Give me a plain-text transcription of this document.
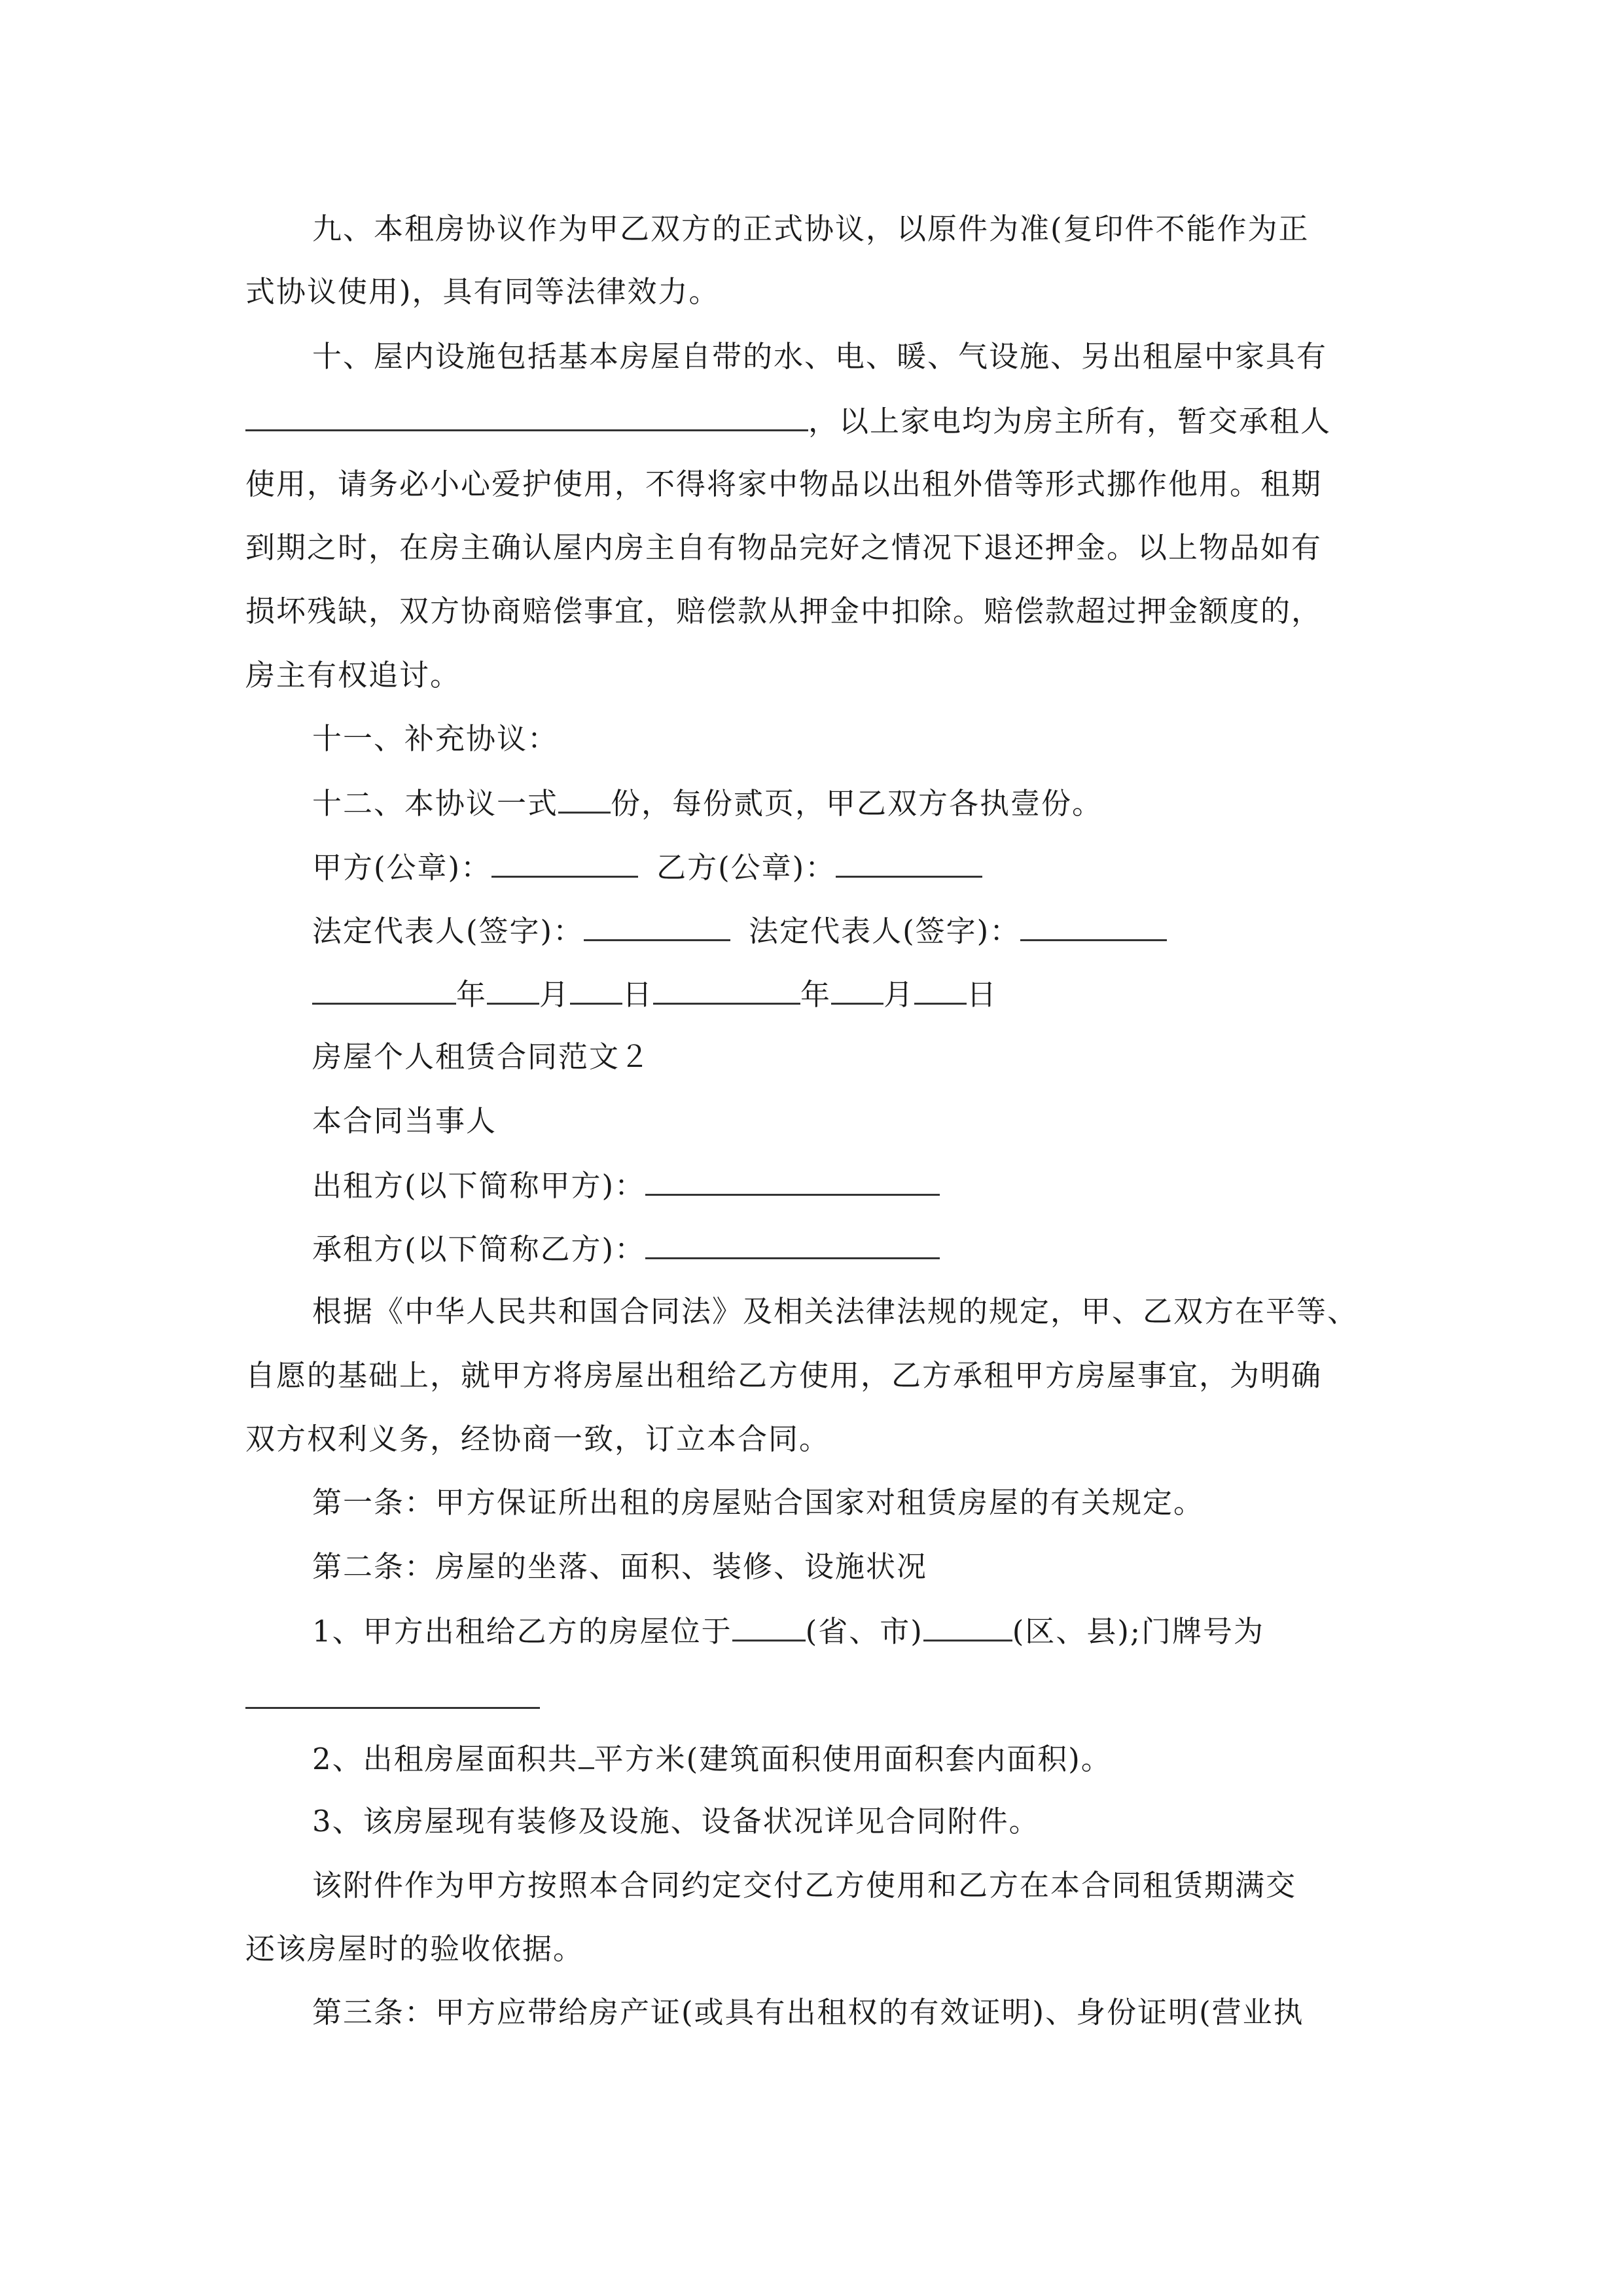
九、本租房协议作为甲乙双方的正式协议，以原件为准(复印件不能作为正
式协议使用)，具有同等法律效力。
十、屋内设施包括基本房屋自带的水、电、暖、气设施、另出租屋中家具有
，以上家电均为房主所有，暂交承租人
使用，请务必小心爱护使用，不得将家中物品以出租外借等形式挪作他用。租期
到期之时，在房主确认屋内房主自有物品完好之情况下退还押金。以上物品如有
损坏残缺，双方协商赔偿事宜，赔偿款从押金中扣除。赔偿款超过押金额度的，
房主有权追讨。
十一、补充协议：
十二、本协议一式 份，每份贰页，甲乙双方各执壹份。
甲方(公章)：	乙方(公章)：
法定代表人(签字)：	法定代表人(签字)：
年 月 日	年 月 日
房屋个人租赁合同范文２
本合同当事人
出租方(以下简称甲方)：
承租方(以下简称乙方)：
根据《中华人民共和国合同法》及相关法律法规的规定，甲、乙双方在平等、
自愿的基础上，就甲方将房屋出租给乙方使用，乙方承租甲方房屋事宜，为明确
双方权利义务，经协商一致，订立本合同。
第一条：甲方保证所出租的房屋贴合国家对租赁房屋的有关规定。
第二条：房屋的坐落、面积、装修、设施状况
1、甲方出租给乙方的房屋位于 (省、市)	(区、县);门牌号为
2、出租房屋面积共 平方米(建筑面积使用面积套内面积)。
3、该房屋现有装修及设施、设备状况详见合同附件。
该附件作为甲方按照本合同约定交付乙方使用和乙方在本合同租赁期满交
还该房屋时的验收依据。
第三条：甲方应带给房产证(或具有出租权的有效证明)、身份证明(营业执
